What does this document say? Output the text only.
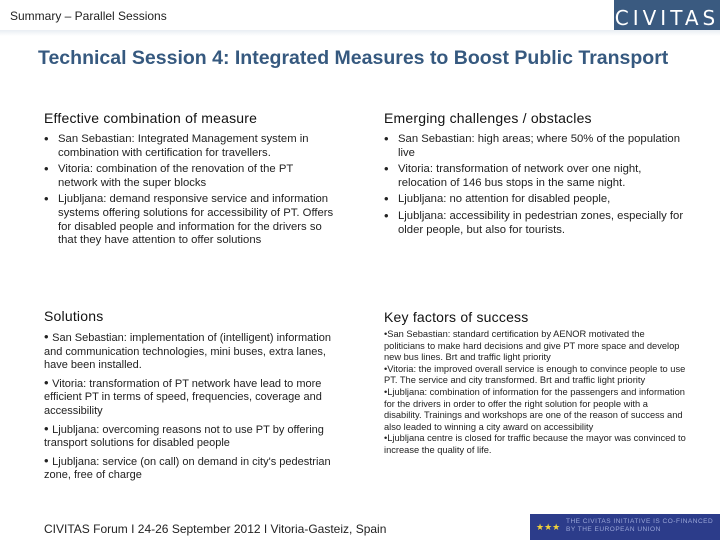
Summary – Parallel Sessions	CIVITAS
Technical Session 4: Integrated Measures to Boost Public Transport
Effective combination of measure
• San Sebastian: Integrated Management system in combination with certification for travellers.
• Vitoria: combination of the renovation of the PT network with the super blocks
• Ljubljana: demand responsive service and information systems offering solutions for accessibility of PT. Offers for disabled people and information for the drivers so that they have attention to offer solutions
Emerging challenges / obstacles
• San Sebastian: high areas; where 50% of the population live
• Vitoria: transformation of network over one night, relocation of 146 bus stops in the same night.
• Ljubljana: no attention for disabled people,
• Ljubljana: accessibility in pedestrian zones, especially for older people, but also for tourists.
Solutions
• San Sebastian: implementation of (intelligent) information and communication technologies, mini buses, extra lanes, have been installed.
• Vitoria: transformation of PT network have lead to more efficient PT in terms of speed, frequencies, coverage and accessibility
• Ljubljana: overcoming reasons not to use PT by offering transport solutions for disabled people
• Ljubljana: service (on call) on demand in city's pedestrian zone, free of charge
Key factors of success
•San Sebastian: standard certification by AENOR motivated the politicians to make hard decisions and give PT more space and develop new bus lines. Brt and traffic light priority
•Vitoria: the improved overall service is enough to convince people to use PT. The service and city transformed. Brt and traffic light priority
•Ljubljana: combination of information for the passengers and information for the drivers in order to offer the right solution for people with a disability. Trainings and workshops are one of the reason of success and also leaded to winning a city award on accessibility
•Ljubljana centre is closed for traffic because the mayor was convinced to increase the quality of life.
CIVITAS Forum I 24-26 September 2012 I Vitoria-Gasteiz, Spain	★★★
THE CIVITAS INITIATIVE IS CO-FINANCED
BY THE EUROPEAN UNION
